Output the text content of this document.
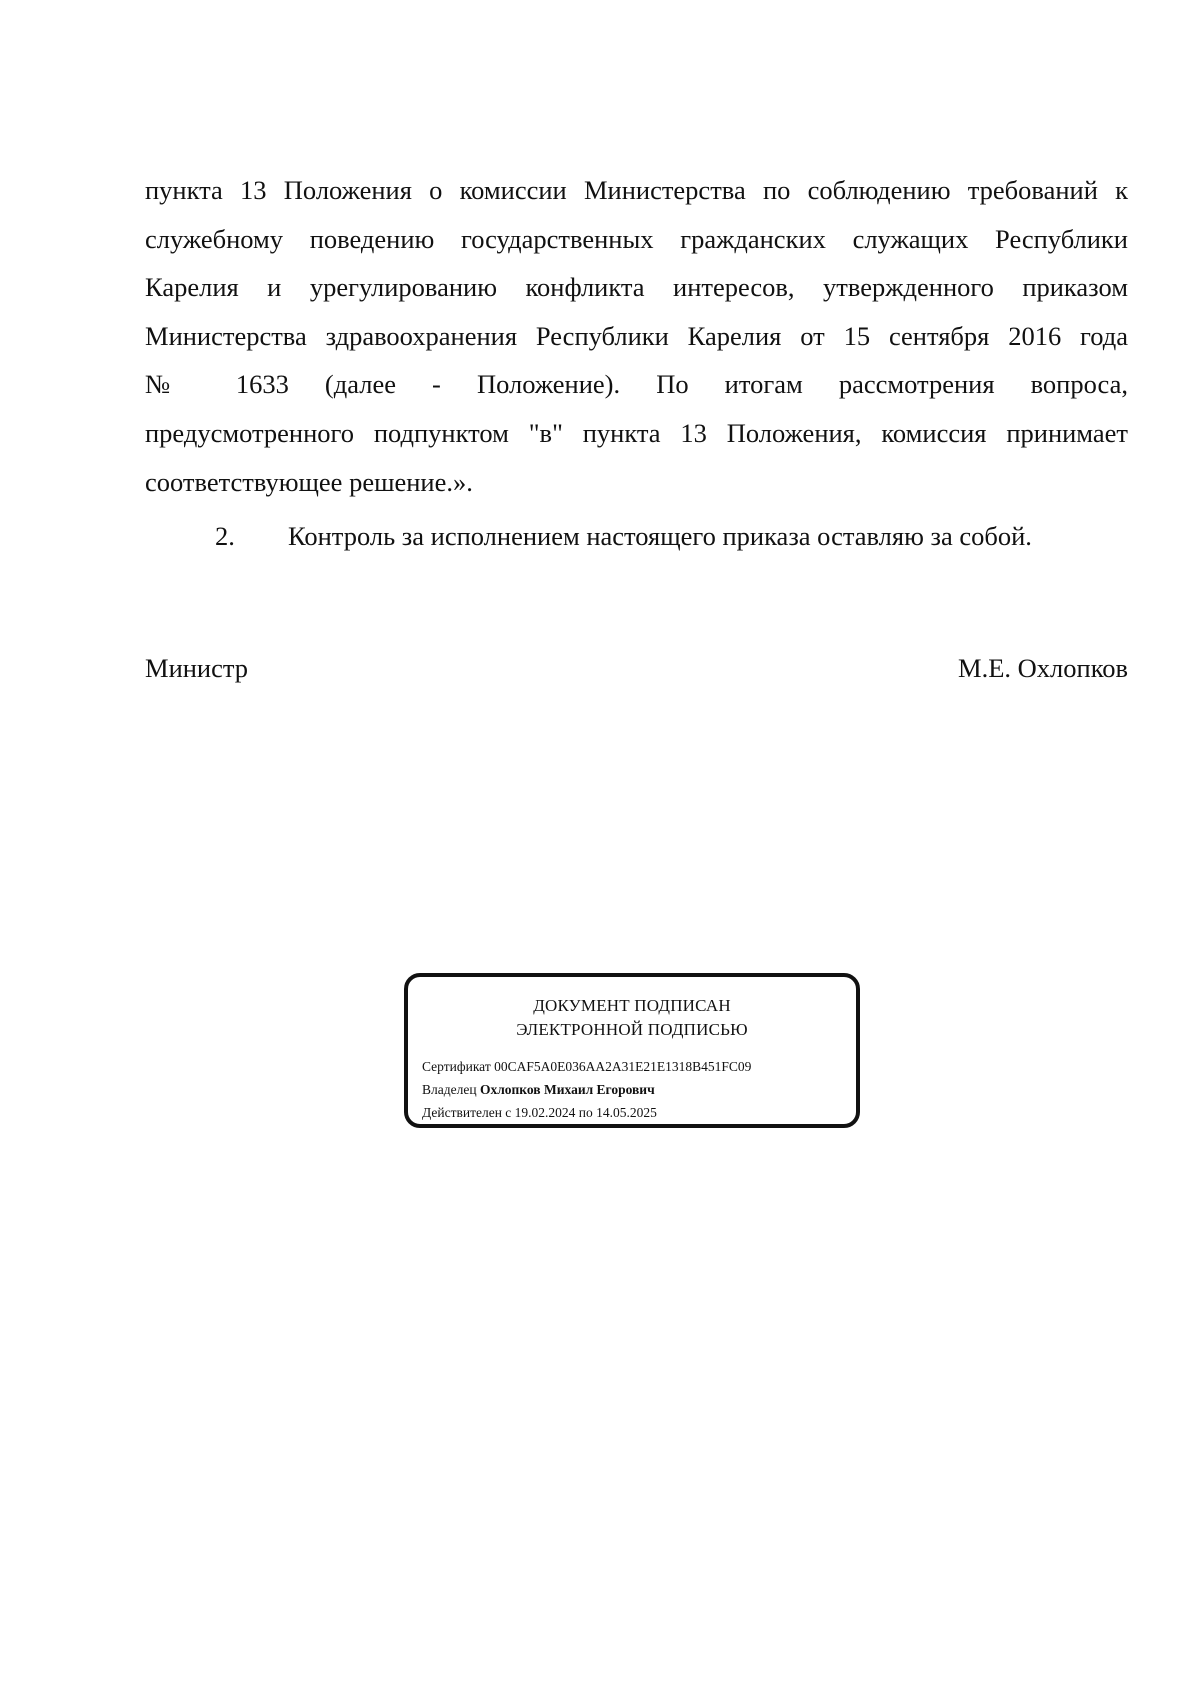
пункта 13 Положения о комиссии Министерства по соблюдению требований к
служебному поведению государственных гражданских служащих Республики
Карелия и урегулированию конфликта интересов, утвержденного приказом
Министерства здравоохранения Республики Карелия от 15 сентября 2016 года
№ 1633 (далее - Положение). По итогам рассмотрения вопроса,
предусмотренного подпунктом "в" пункта 13 Положения, комиссия принимает
соответствующее решение.».
2. Контроль за исполнением настоящего приказа оставляю за собой.
Министр	М.Е. Охлопков
ДОКУМЕНТ ПОДПИСАН
ЭЛЕКТРОННОЙ ПОДПИСЬЮ
Сертификат 00CAF5A0E036AA2A31E21E1318B451FC09
Владелец Охлопков Михаил Егорович
Действителен с 19.02.2024 по 14.05.2025
